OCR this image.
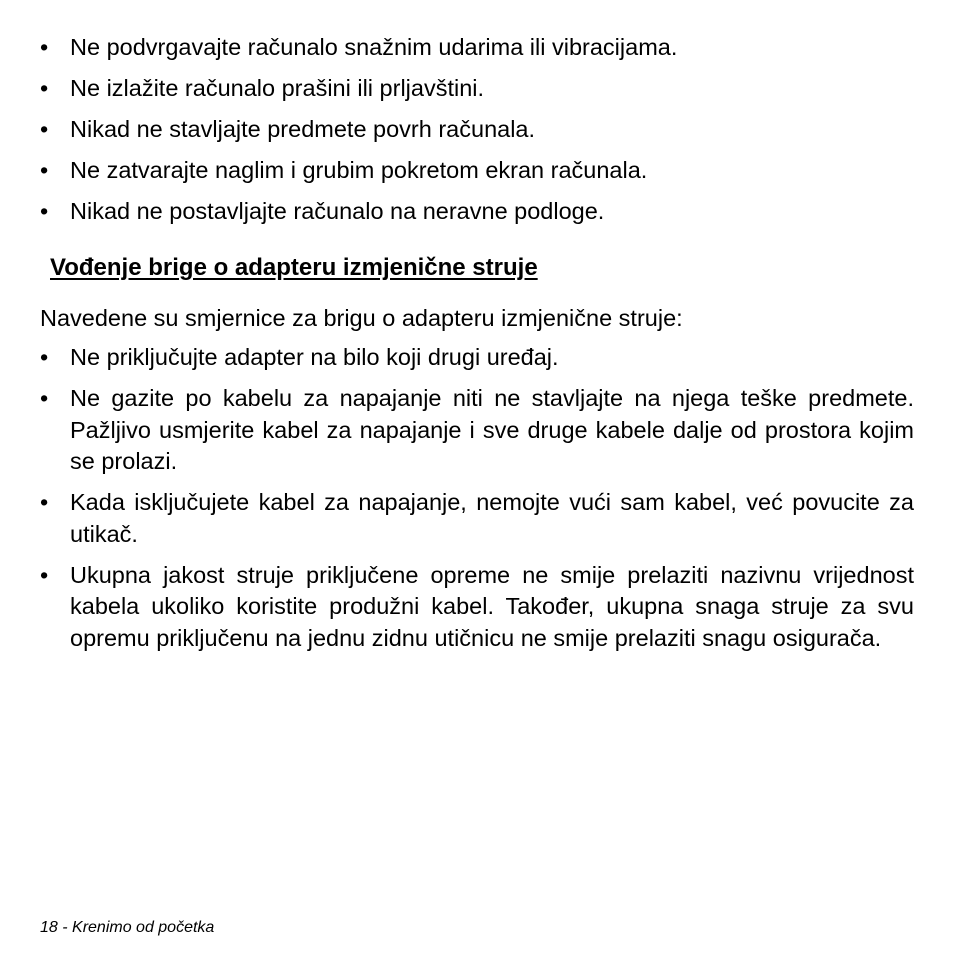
• Ne podvrgavajte računalo snažnim udarima ili vibracijama.
• Ne izlažite računalo prašini ili prljavštini.
• Nikad ne stavljajte predmete povrh računala.
• Ne zatvarajte naglim i grubim pokretom ekran računala.
• Nikad ne postavljajte računalo na neravne podloge.
Vođenje brige o adapteru izmjenične struje

Navedene su smjernice za brigu o adapteru izmjenične struje:

• Ne priključujte adapter na bilo koji drugi uređaj.
• Ne gazite po kabelu za napajanje niti ne stavljajte na njega teške predmete. Pažljivo usmjerite kabel za napajanje i sve druge kabele dalje od prostora kojim se prolazi.
• Kada isključujete kabel za napajanje, nemojte vući sam kabel, već povucite za utikač.
• Ukupna jakost struje priključene opreme ne smije prelaziti nazivnu vrijednost kabela ukoliko koristite produžni kabel. Također, ukupna snaga struje za svu opremu priključenu na jednu zidnu utičnicu ne smije prelaziti snagu osigurača.
18 - Krenimo od početka
